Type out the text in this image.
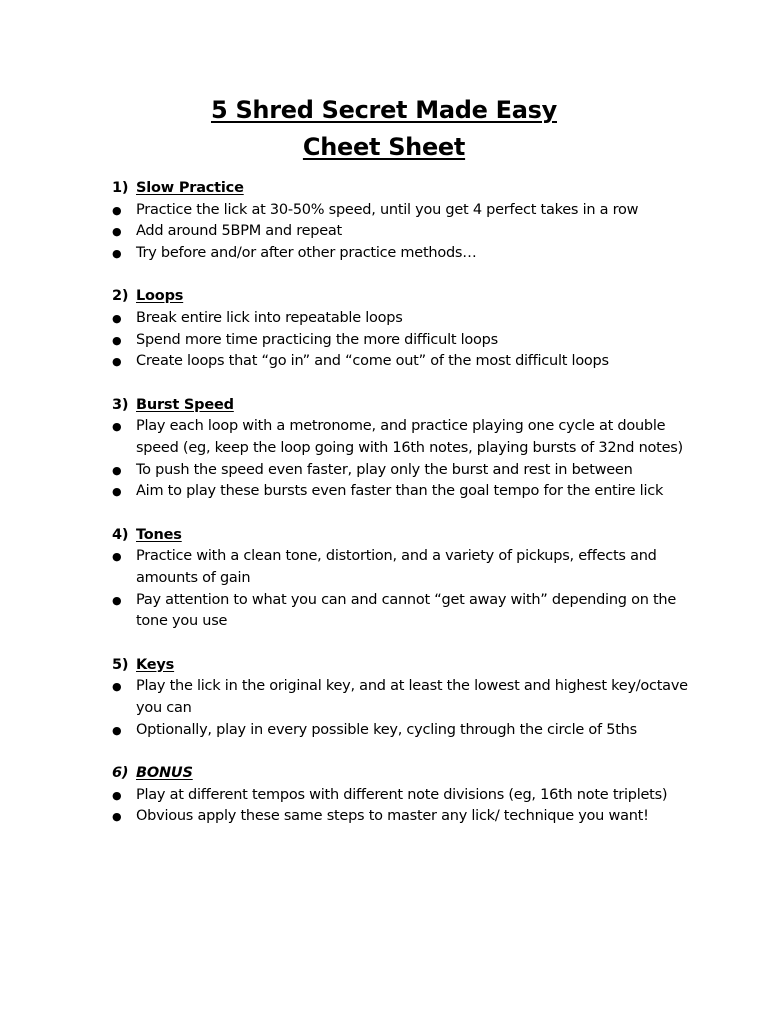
5 Shred Secret Made Easy
Cheet Sheet
1) Slow Practice
●	Practice the lick at 30-50% speed, until you get 4 perfect takes in a row
●	Add around 5BPM and repeat
●	Try before and/or after other practice methods…
2) Loops
●	Break entire lick into repeatable loops
●	Spend more time practicing the more difficult loops
●	Create loops that “go in” and “come out” of the most difficult loops
3) Burst Speed
●	Play each loop with a metronome, and practice playing one cycle at double speed (eg, keep the loop going with 16th notes, playing bursts of 32nd notes)
●	To push the speed even faster, play only the burst and rest in between
●	Aim to play these bursts even faster than the goal tempo for the entire lick
4) Tones
●	Practice with a clean tone, distortion, and a variety of pickups, effects and amounts of gain
●	Pay attention to what you can and cannot “get away with” depending on the tone you use
5) Keys
●	Play the lick in the original key, and at least the lowest and highest key/octave you can
●	Optionally, play in every possible key, cycling through the circle of 5ths
6) BONUS
●	Play at different tempos with different note divisions (eg, 16th note triplets)
●	Obvious apply these same steps to master any lick/ technique you want!
